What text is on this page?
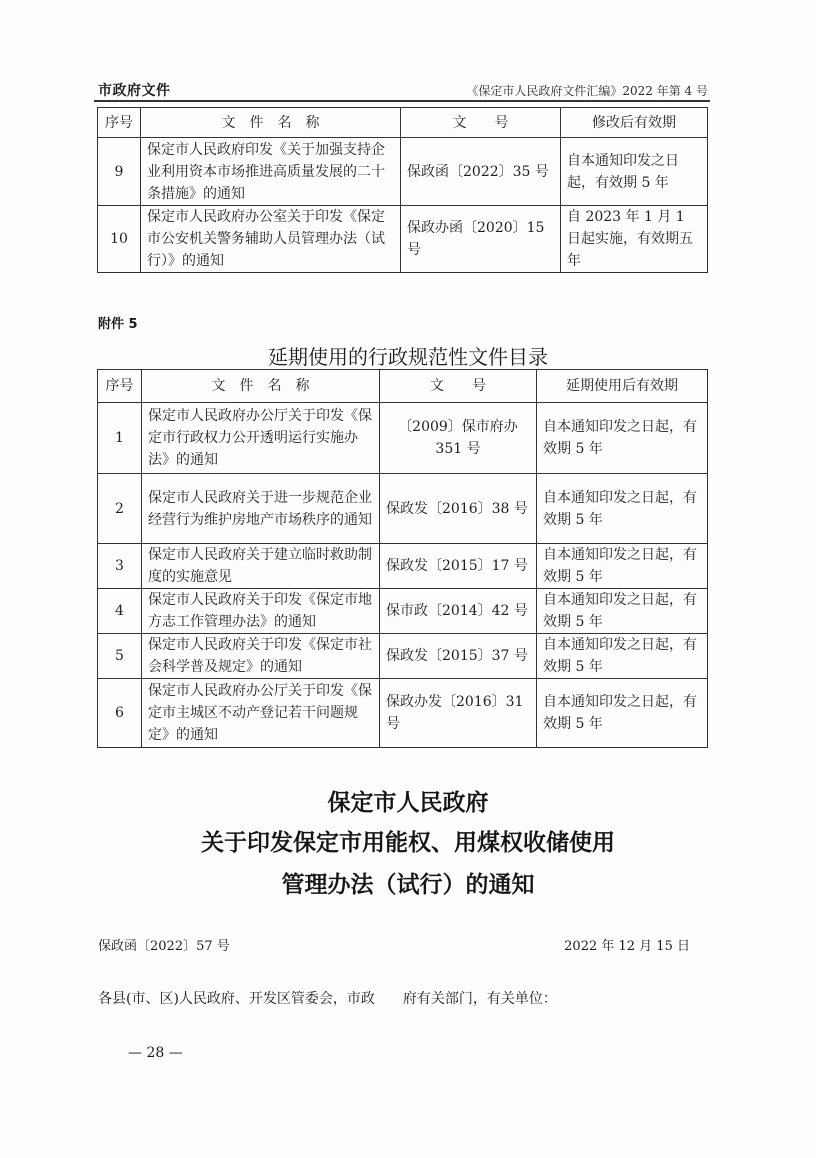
市政府文件	《保定市人民政府文件汇编》2022 年第 4 号
序号	文　件　名　称	文　　号	修改后有效期
9	保定市人民政府印发《关于加强支持企业利用资本市场推进高质量发展的二十条措施》的通知	保政函〔2022〕35 号	自本通知印发之日起，有效期 5 年
10	保定市人民政府办公室关于印发《保定市公安机关警务辅助人员管理办法（试行）》的通知	保政办函〔2020〕15 号	自 2023 年 1 月 1 日起实施，有效期五年
附件 5
延期使用的行政规范性文件目录
序号	文　件　名　称	文　　号	延期使用后有效期
1	保定市人民政府办公厅关于印发《保定市行政权力公开透明运行实施办法》的通知	〔2009〕保市府办 351 号	自本通知印发之日起，有效期 5 年
2	保定市人民政府关于进一步规范企业经营行为维护房地产市场秩序的通知	保政发〔2016〕38 号	自本通知印发之日起，有效期 5 年
3	保定市人民政府关于建立临时救助制度的实施意见	保政发〔2015〕17 号	自本通知印发之日起，有效期 5 年
4	保定市人民政府关于印发《保定市地方志工作管理办法》的通知	保市政〔2014〕42 号	自本通知印发之日起，有效期 5 年
5	保定市人民政府关于印发《保定市社会科学普及规定》的通知	保政发〔2015〕37 号	自本通知印发之日起，有效期 5 年
6	保定市人民政府办公厅关于印发《保定市主城区不动产登记若干问题规定》的通知	保政办发〔2016〕31 号	自本通知印发之日起，有效期 5 年
保定市人民政府
关于印发保定市用能权、用煤权收储使用
管理办法（试行）的通知
保政函〔2022〕57 号	2022 年 12 月 15 日
各县(市、区)人民政府、开发区管委会，市政　　府有关部门，有关单位：
— 28 —
